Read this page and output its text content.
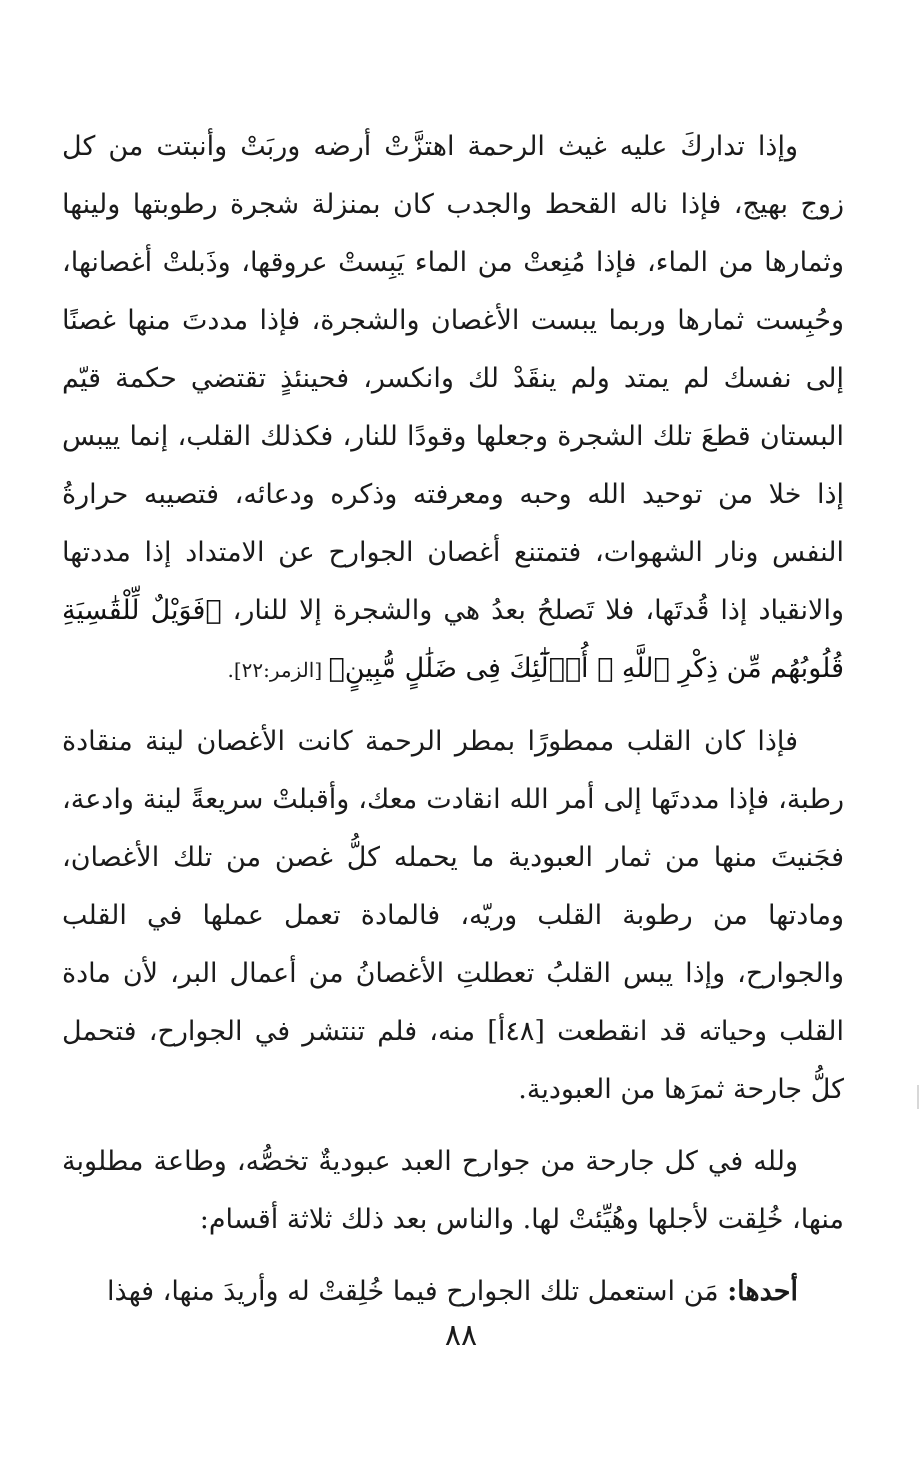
وإذا تداركَ عليه غيث الرحمة اهتزَّتْ أرضه وربَتْ وأنبتت من كل زوج بهيج، فإذا ناله القحط والجدب كان بمنزلة شجرة رطوبتها ولينها وثمارها من الماء، فإذا مُنِعتْ من الماء يَبِستْ عروقها، وذَبلتْ أغصانها، وحُبِست ثمارها وربما يبست الأغصان والشجرة، فإذا مددتَ منها غصنًا إلى نفسك لم يمتد ولم ينقَدْ لك وانكسر، فحينئذٍ تقتضي حكمة قيّم البستان قطعَ تلك الشجرة وجعلها وقودًا للنار، فكذلك القلب، إنما ييبس إذا خلا من توحيد الله وحبه ومعرفته وذكره ودعائه، فتصيبه حرارةُ النفس ونار الشهوات، فتمتنع أغصان الجوارح عن الامتداد إذا مددتها والانقياد إذا قُدتَها، فلا تَصلحُ بعدُ هي والشجرة إلا للنار، ﴿فَوَيْلٌ لِّلْقَٰسِيَةِ قُلُوبُهُم مِّن ذِكْرِ ٱللَّهِ ۚ أُو۟لَٰٓئِكَ فِى ضَلَٰلٍ مُّبِينٍ﴾ [الزمر:٢٢].

فإذا كان القلب ممطورًا بمطر الرحمة كانت الأغصان لينة منقادة رطبة، فإذا مددتَها إلى أمر الله انقادت معك، وأقبلتْ سريعةً لينة وادعة، فجَنيتَ منها من ثمار العبودية ما يحمله كلُّ غصن من تلك الأغصان، ومادتها من رطوبة القلب وريّه، فالمادة تعمل عملها في القلب والجوارح، وإذا يبس القلبُ تعطلتِ الأغصانُ من أعمال البر، لأن مادة القلب وحياته قد انقطعت [٤٨أ] منه، فلم تنتشر في الجوارح، فتحمل كلُّ جارحة ثمرَها من العبودية.

ولله في كل جارحة من جوارح العبد عبوديةٌ تخصُّه، وطاعة مطلوبة منها، خُلِقت لأجلها وهُيِّئتْ لها. والناس بعد ذلك ثلاثة أقسام:

أحدها: مَن استعمل تلك الجوارح فيما خُلِقتْ له وأريدَ منها، فهذا

٨٨
